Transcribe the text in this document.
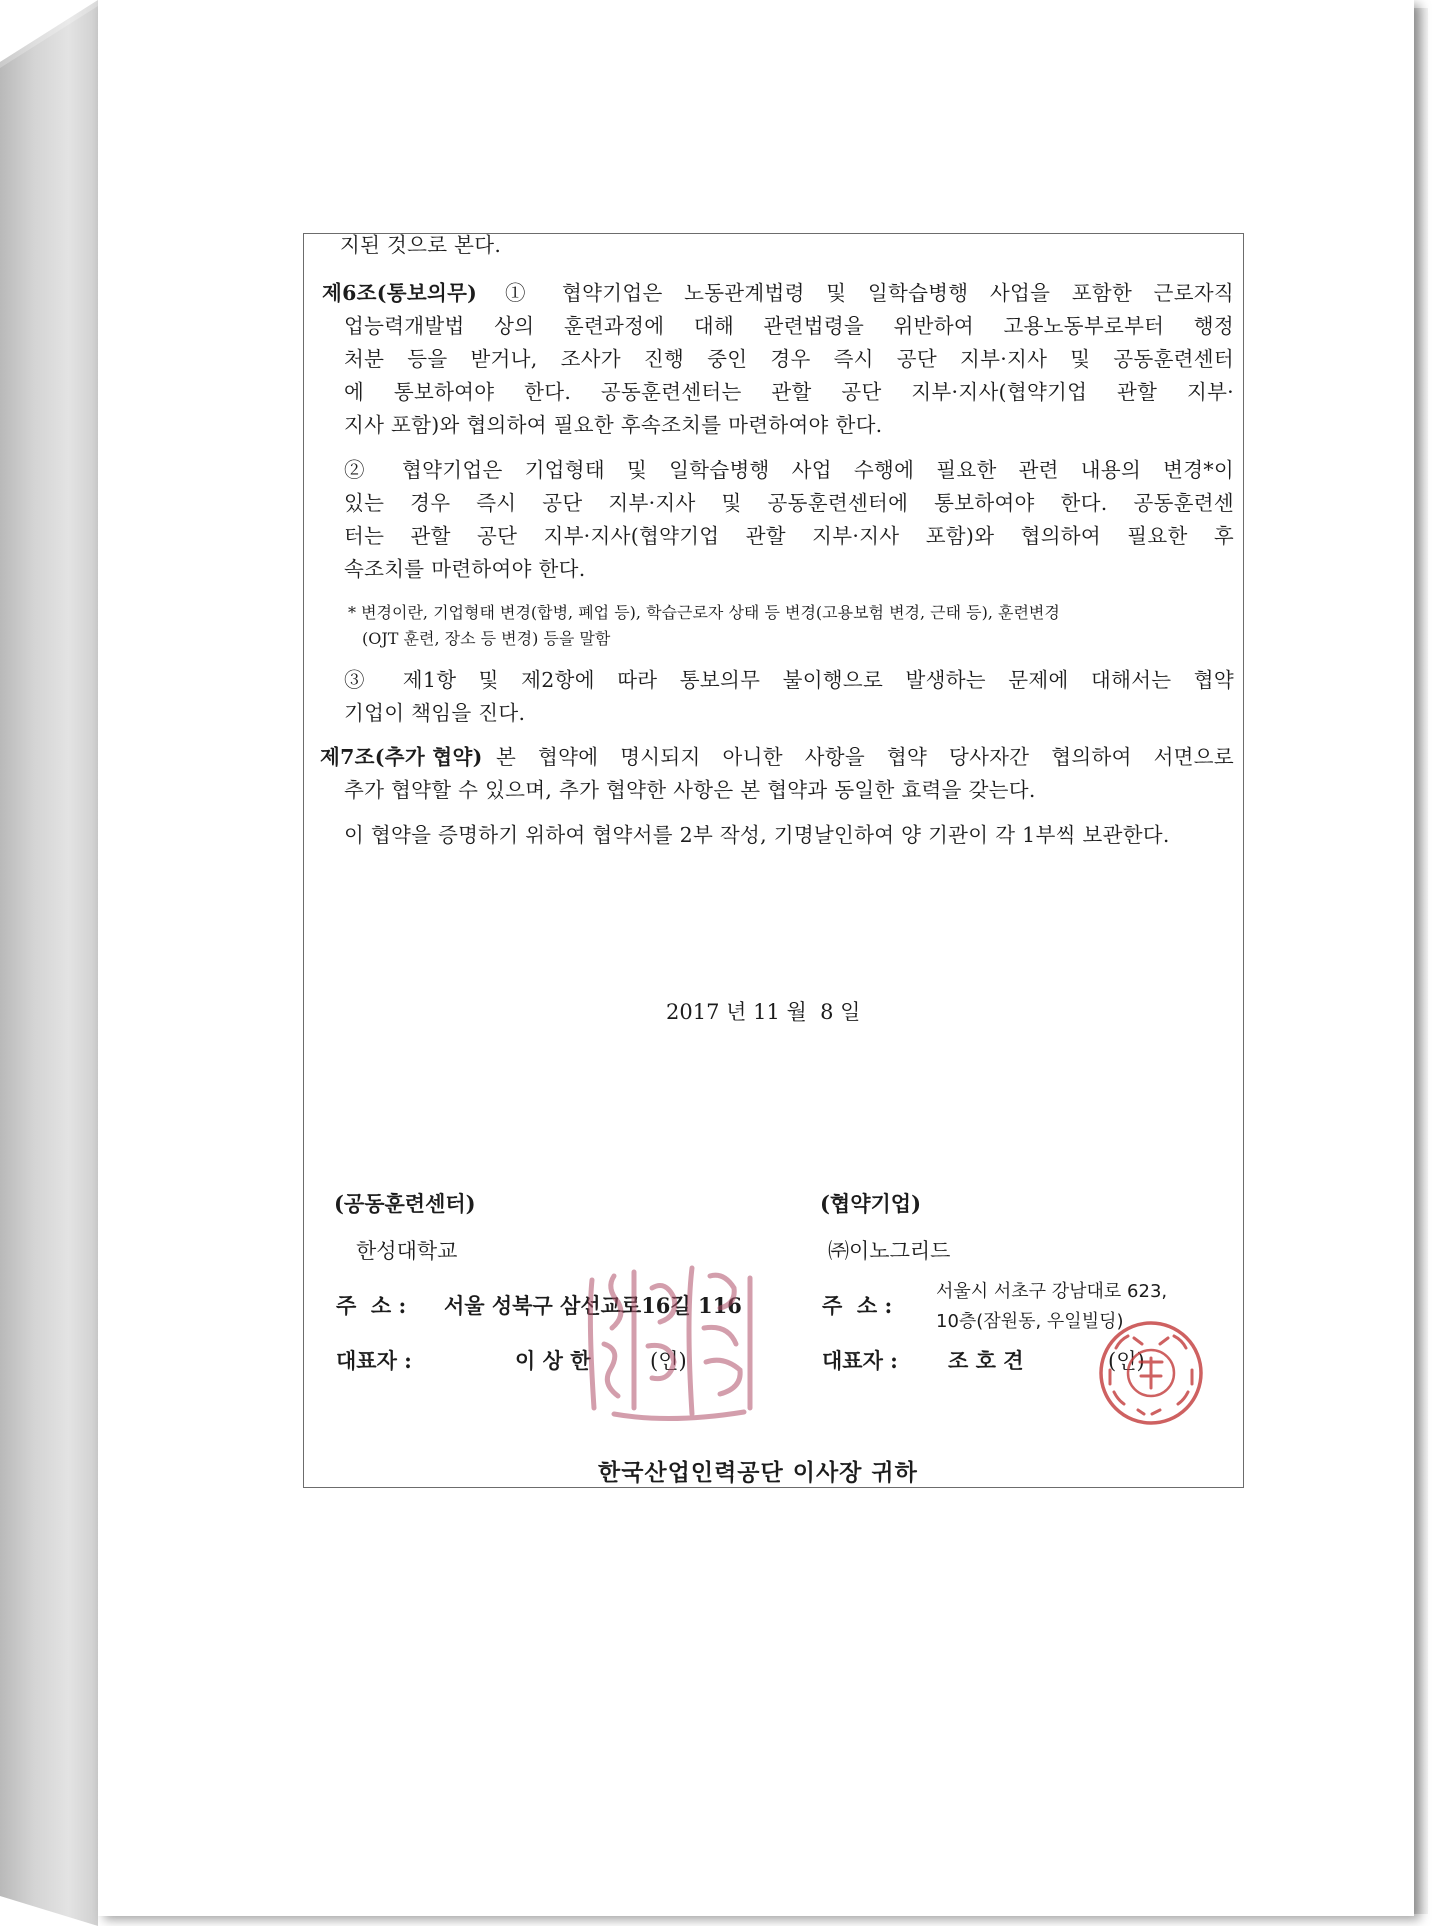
지된 것으로 본다.
제6조(통보의무) ① 협약기업은 노동관계법령 및 일학습병행 사업을 포함한 근로자직
업능력개발법 상의 훈련과정에 대해 관련법령을 위반하여 고용노동부로부터 행정
처분 등을 받거나, 조사가 진행 중인 경우 즉시 공단 지부·지사 및 공동훈련센터
에 통보하여야 한다. 공동훈련센터는 관할 공단 지부·지사(협약기업 관할 지부·
지사 포함)와 협의하여 필요한 후속조치를 마련하여야 한다.
② 협약기업은 기업형태 및 일학습병행 사업 수행에 필요한 관련 내용의 변경*이
있는 경우 즉시 공단 지부·지사 및 공동훈련센터에 통보하여야 한다. 공동훈련센
터는 관할 공단 지부·지사(협약기업 관할 지부·지사 포함)와 협의하여 필요한 후
속조치를 마련하여야 한다.
* 변경이란, 기업형태 변경(합병, 폐업 등), 학습근로자 상태 등 변경(고용보험 변경, 근태 등), 훈련변경
(OJT 훈련, 장소 등 변경) 등을 말함
③ 제1항 및 제2항에 따라 통보의무 불이행으로 발생하는 문제에 대해서는 협약
기업이 책임을 진다.
제7조(추가 협약) 본 협약에 명시되지 아니한 사항을 협약 당사자간 협의하여 서면으로
추가 협약할 수 있으며, 추가 협약한 사항은 본 협약과 동일한 효력을 갖는다.
이 협약을 증명하기 위하여 협약서를 2부 작성, 기명날인하여 양 기관이 각 1부씩 보관한다.
2017 년 11 월  8 일
(공동훈련센터)
한성대학교
주  소 : 서울 성북구 삼선교로16길 116
대표자 :	이 상 한	(인)
(협약기업)
㈜이노그리드
주  소 :
서울시 서초구 강남대로 623,
10층(잠원동, 우일빌딩)
대표자 : 조 호 견	(인)
한국산업인력공단 이사장 귀하
